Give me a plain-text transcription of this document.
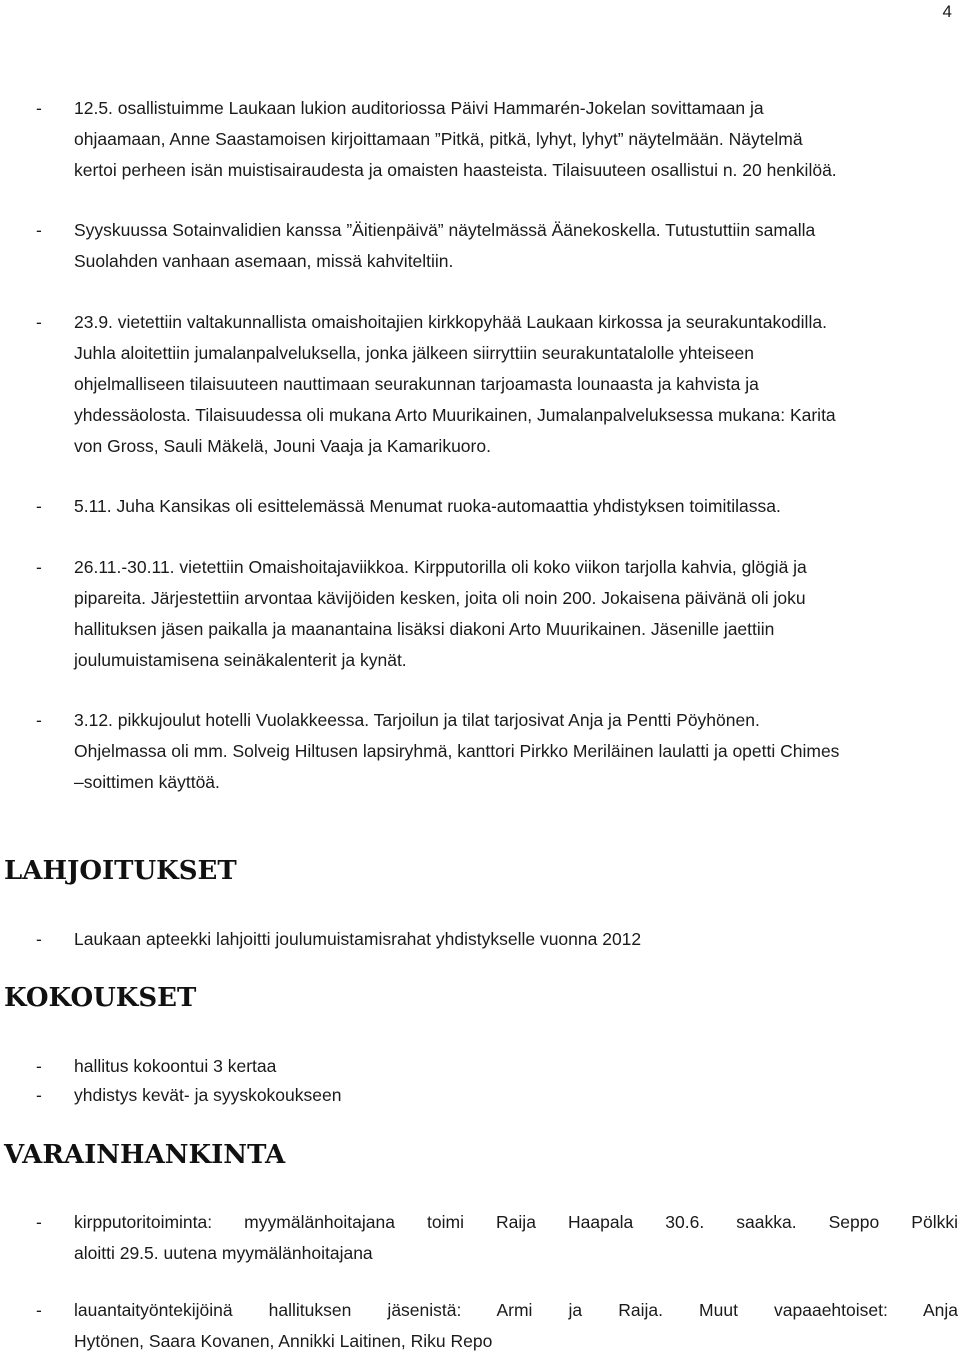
4
-	12.5. osallistuimme Laukaan lukion auditoriossa Päivi Hammarén-Jokelan sovittamaan ja
ohjaamaan, Anne Saastamoisen kirjoittamaan ”Pitkä, pitkä, lyhyt, lyhyt” näytelmään. Näytelmä
kertoi perheen isän muistisairaudesta ja omaisten haasteista. Tilaisuuteen osallistui n. 20 henkilöä.
-	Syyskuussa Sotainvalidien kanssa ”Äitienpäivä” näytelmässä Äänekoskella. Tutustuttiin samalla
Suolahden vanhaan asemaan, missä kahviteltiin.
-	23.9. vietettiin valtakunnallista omaishoitajien kirkkopyhää Laukaan kirkossa ja seurakuntakodilla.
Juhla aloitettiin jumalanpalveluksella, jonka jälkeen siirryttiin seurakuntatalolle yhteiseen
ohjelmalliseen tilaisuuteen nauttimaan seurakunnan tarjoamasta lounaasta ja kahvista ja
yhdessäolosta. Tilaisuudessa oli mukana Arto Muurikainen, Jumalanpalveluksessa mukana: Karita
von Gross, Sauli Mäkelä, Jouni Vaaja ja Kamarikuoro.
-	5.11. Juha Kansikas oli esittelemässä Menumat ruoka-automaattia yhdistyksen toimitilassa.
-	26.11.-30.11. vietettiin Omaishoitajaviikkoa. Kirpputorilla oli koko viikon tarjolla kahvia, glögiä ja
pipareita. Järjestettiin arvontaa kävijöiden kesken, joita oli noin 200. Jokaisena päivänä oli joku
hallituksen jäsen paikalla ja maanantaina lisäksi diakoni Arto Muurikainen. Jäsenille jaettiin
joulumuistamisena seinäkalenterit ja kynät.
-	3.12. pikkujoulut hotelli Vuolakkeessa. Tarjoilun ja tilat tarjosivat Anja ja Pentti Pöyhönen.
Ohjelmassa oli mm. Solveig Hiltusen lapsiryhmä, kanttori Pirkko Meriläinen laulatti ja opetti Chimes
–soittimen käyttöä.
LAHJOITUKSET
-	Laukaan apteekki lahjoitti joulumuistamisrahat yhdistykselle vuonna 2012
KOKOUKSET
-	hallitus kokoontui 3 kertaa
-	yhdistys kevät- ja syyskokoukseen
VARAINHANKINTA
-	kirpputoritoiminta: myymälänhoitajana toimi Raija Haapala 30.6. saakka. Seppo Pölkki
aloitti 29.5. uutena myymälänhoitajana
-	lauantaityöntekijöinä hallituksen jäsenistä: Armi ja Raija. Muut vapaaehtoiset: Anja
Hytönen, Saara Kovanen, Annikki Laitinen, Riku Repo
